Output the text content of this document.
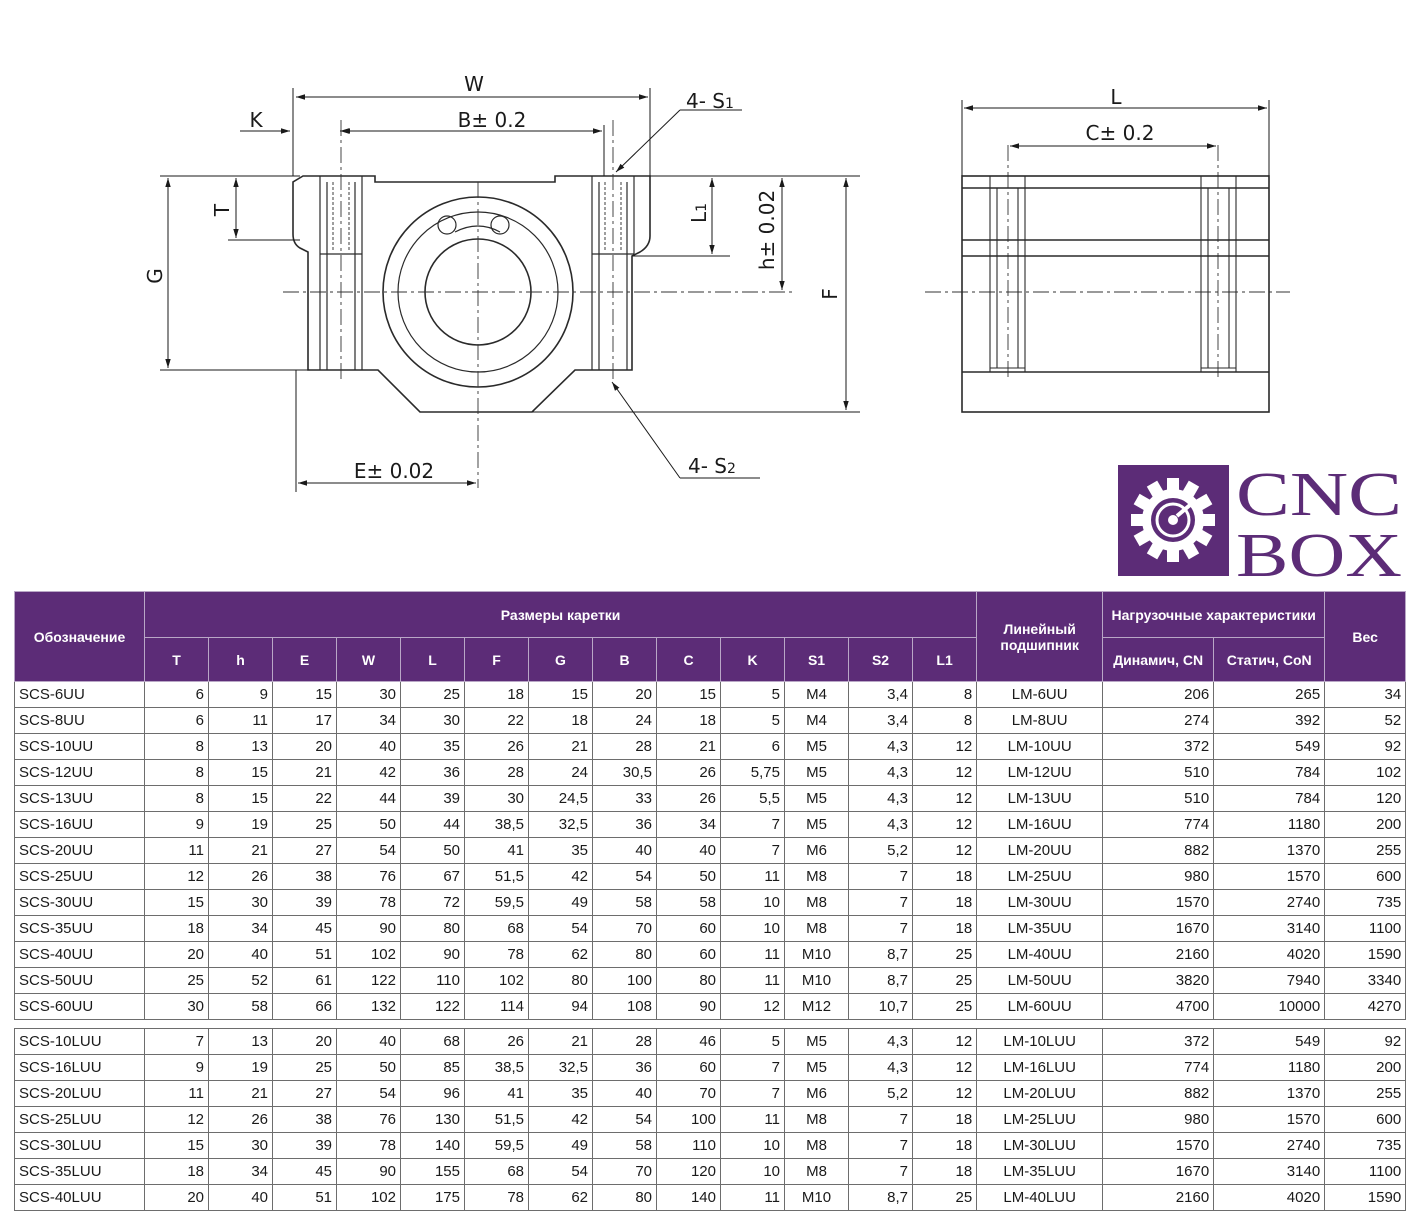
W
K	B± 0.2
4- S1
T
G
L1 h± 0.02
F
E± 0.02	4- S2
L
C± 0.2
CNC
BOX
Обозначение	Размеры каретки													Линейный подшипник	Нагрузочные характеристики		Вес
	T	h	E	W	L	F	G	B	C	K	S1	S2	L1		Динамич, CN	Статич, CoN	
SCS-6UU	6	9	15	30	25	18	15	20	15	5	M4	3,4	8	LM-6UU	206	265	34
SCS-8UU	6	11	17	34	30	22	18	24	18	5	M4	3,4	8	LM-8UU	274	392	52
SCS-10UU	8	13	20	40	35	26	21	28	21	6	M5	4,3	12	LM-10UU	372	549	92
SCS-12UU	8	15	21	42	36	28	24	30,5	26	5,75	M5	4,3	12	LM-12UU	510	784	102
SCS-13UU	8	15	22	44	39	30	24,5	33	26	5,5	M5	4,3	12	LM-13UU	510	784	120
SCS-16UU	9	19	25	50	44	38,5	32,5	36	34	7	M5	4,3	12	LM-16UU	774	1180	200
SCS-20UU	11	21	27	54	50	41	35	40	40	7	M6	5,2	12	LM-20UU	882	1370	255
SCS-25UU	12	26	38	76	67	51,5	42	54	50	11	M8	7	18	LM-25UU	980	1570	600
SCS-30UU	15	30	39	78	72	59,5	49	58	58	10	M8	7	18	LM-30UU	1570	2740	735
SCS-35UU	18	34	45	90	80	68	54	70	60	10	M8	7	18	LM-35UU	1670	3140	1100
SCS-40UU	20	40	51	102	90	78	62	80	60	11	M10	8,7	25	LM-40UU	2160	4020	1590
SCS-50UU	25	52	61	122	110	102	80	100	80	11	M10	8,7	25	LM-50UU	3820	7940	3340
SCS-60UU	30	58	66	132	122	114	94	108	90	12	M12	10,7	25	LM-60UU	4700	10000	4270

SCS-10LUU	7	13	20	40	68	26	21	28	46	5	M5	4,3	12	LM-10LUU	372	549	92
SCS-16LUU	9	19	25	50	85	38,5	32,5	36	60	7	M5	4,3	12	LM-16LUU	774	1180	200
SCS-20LUU	11	21	27	54	96	41	35	40	70	7	M6	5,2	12	LM-20LUU	882	1370	255
SCS-25LUU	12	26	38	76	130	51,5	42	54	100	11	M8	7	18	LM-25LUU	980	1570	600
SCS-30LUU	15	30	39	78	140	59,5	49	58	110	10	M8	7	18	LM-30LUU	1570	2740	735
SCS-35LUU	18	34	45	90	155	68	54	70	120	10	M8	7	18	LM-35LUU	1670	3140	1100
SCS-40LUU	20	40	51	102	175	78	62	80	140	11	M10	8,7	25	LM-40LUU	2160	4020	1590
